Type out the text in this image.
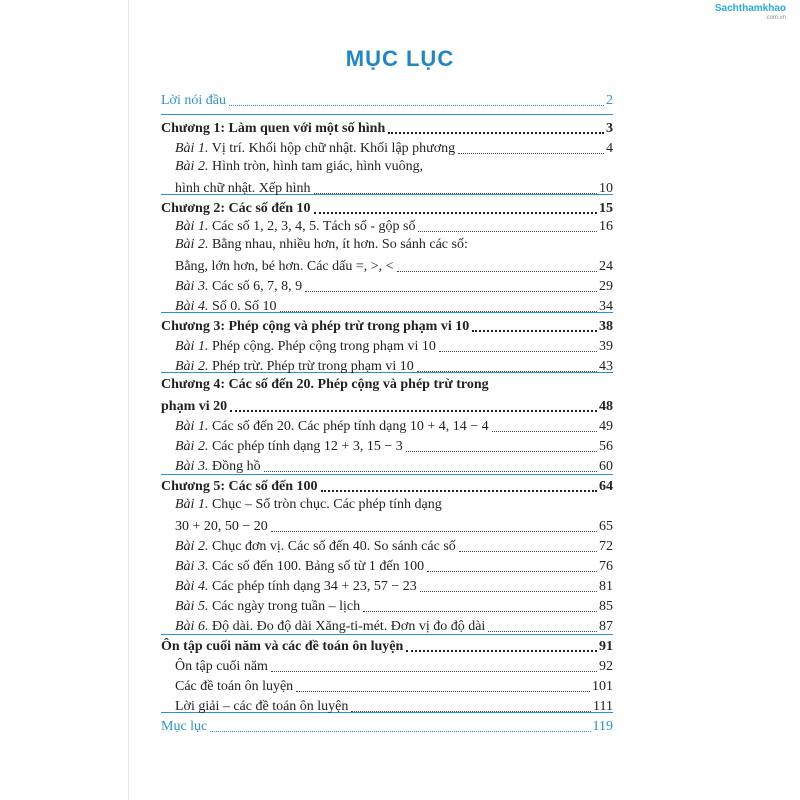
Sachthamkhao
.com.vn
MỤC LỤC
Lời nói đầu	2
Chương 1: Làm quen với một số hình	3
Bài 1. Vị trí. Khối hộp chữ nhật. Khối lập phương	4
Bài 2. Hình tròn, hình tam giác, hình vuông,
hình chữ nhật. Xếp hình	10
Chương 2: Các số đến 10	15
Bài 1. Các số 1, 2, 3, 4, 5. Tách số - gộp số	16
Bài 2. Bằng nhau, nhiều hơn, ít hơn. So sánh các số:
Bằng, lớn hơn, bé hơn. Các dấu =, >, <	24
Bài 3. Các số 6, 7, 8, 9	29
Bài 4. Số 0. Số 10	34
Chương 3: Phép cộng và phép trừ trong phạm vi 10	38
Bài 1. Phép cộng. Phép cộng trong phạm vi 10	39
Bài 2. Phép trừ. Phép trừ trong phạm vi 10	43
Chương 4: Các số đến 20. Phép cộng và phép trừ trong
phạm vi 20	48
Bài 1. Các số đến 20. Các phép tính dạng 10 + 4, 14 − 4	49
Bài 2. Các phép tính dạng 12 + 3, 15 − 3	56
Bài 3. Đồng hồ	60
Chương 5: Các số đến 100	64
Bài 1. Chục – Số tròn chục. Các phép tính dạng
30 + 20, 50 − 20	65
Bài 2. Chục đơn vị. Các số đến 40. So sánh các số	72
Bài 3. Các số đến 100. Bảng số từ 1 đến 100	76
Bài 4. Các phép tính dạng 34 + 23, 57 − 23	81
Bài 5. Các ngày trong tuần – lịch	85
Bài 6. Độ dài. Đo độ dài Xăng-ti-mét. Đơn vị đo độ dài	87
Ôn tập cuối năm và các đề toán ôn luyện	91
Ôn tập cuối năm	92
Các đề toán ôn luyện	101
Lời giải – các đề toán ôn luyện	111
Mục lục	119
